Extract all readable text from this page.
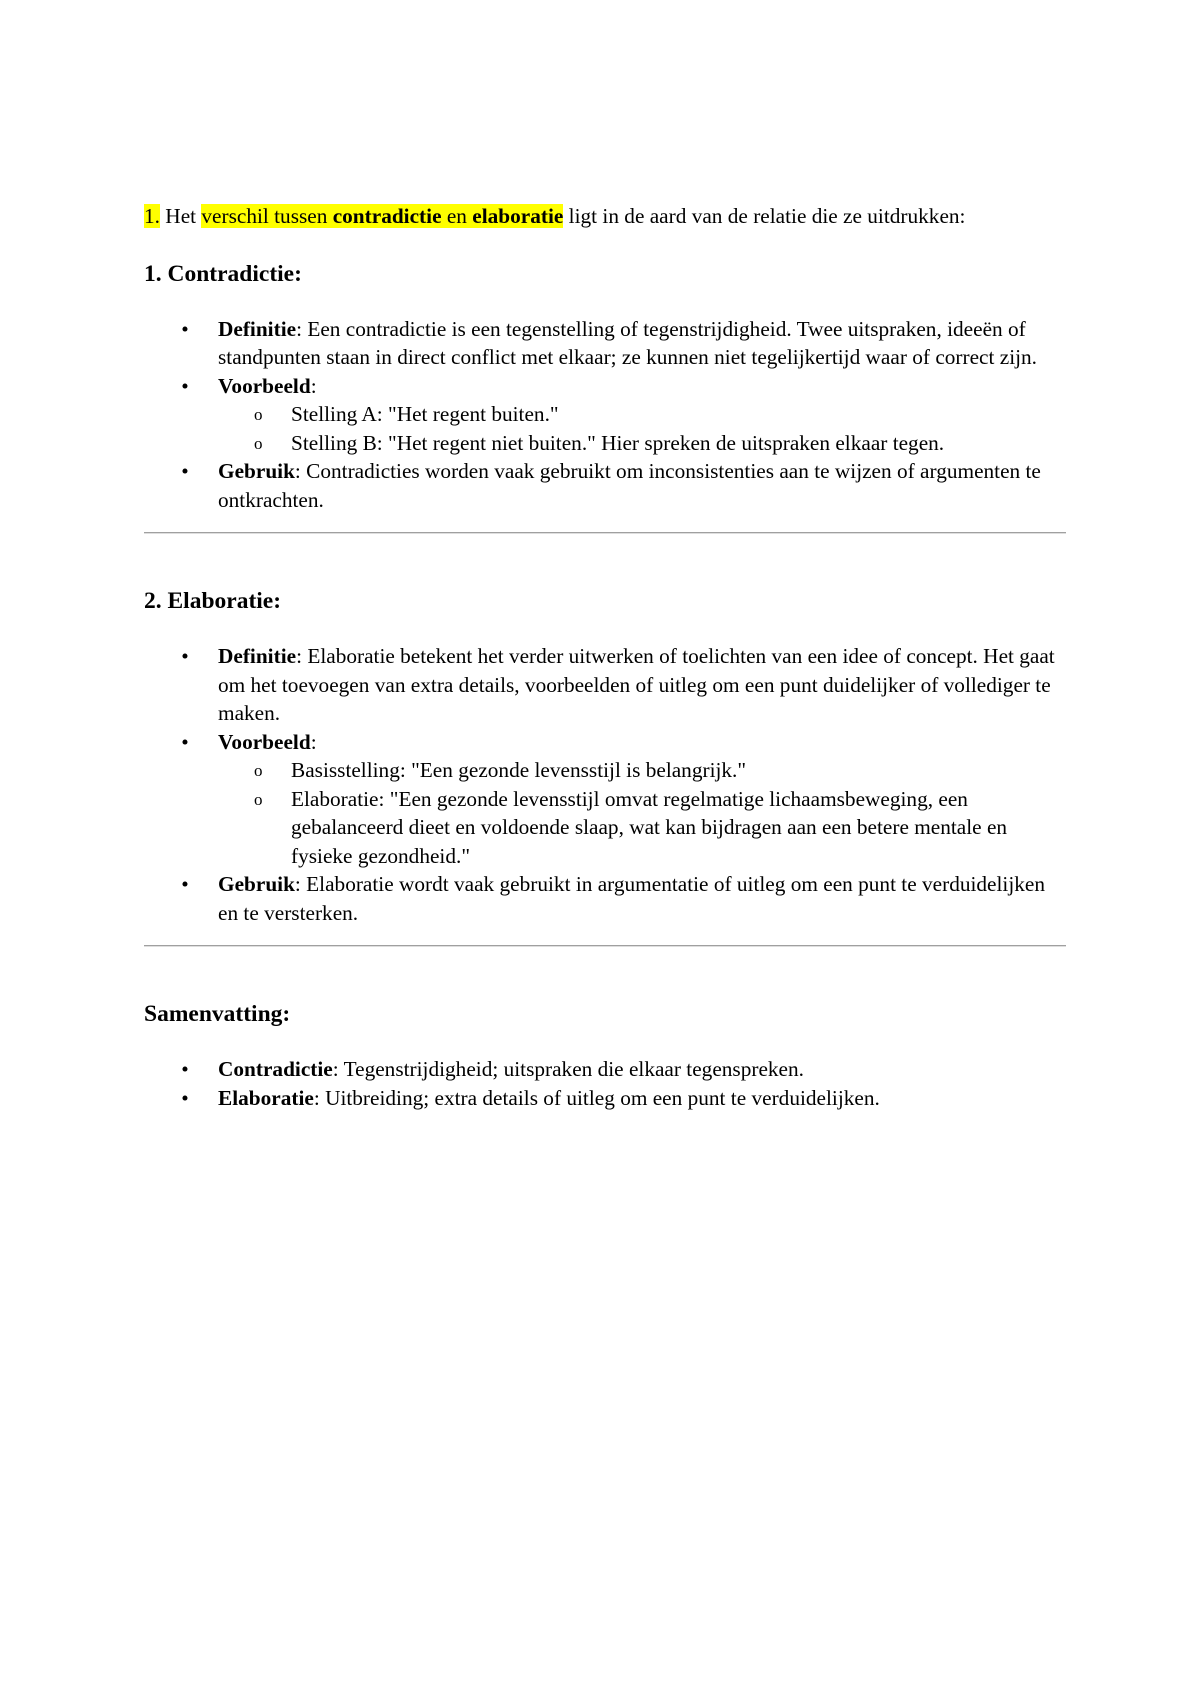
1. Het verschil tussen contradictie en elaboratie ligt in de aard van de relatie die ze uitdrukken:

1. Contradictie:
• Definitie: Een contradictie is een tegenstelling of tegenstrijdigheid. Twee uitspraken, ideeën of standpunten staan in direct conflict met elkaar; ze kunnen niet tegelijkertijd waar of correct zijn.
• Voorbeeld:
o Stelling A: "Het regent buiten."
o Stelling B: "Het regent niet buiten." Hier spreken de uitspraken elkaar tegen.
• Gebruik: Contradicties worden vaak gebruikt om inconsistenties aan te wijzen of argumenten te ontkrachten.
2. Elaboratie:
• Definitie: Elaboratie betekent het verder uitwerken of toelichten van een idee of concept. Het gaat om het toevoegen van extra details, voorbeelden of uitleg om een punt duidelijker of vollediger te maken.
• Voorbeeld:
o Basisstelling: "Een gezonde levensstijl is belangrijk."
o Elaboratie: "Een gezonde levensstijl omvat regelmatige lichaamsbeweging, een gebalanceerd dieet en voldoende slaap, wat kan bijdragen aan een betere mentale en fysieke gezondheid."
• Gebruik: Elaboratie wordt vaak gebruikt in argumentatie of uitleg om een punt te verduidelijken en te versterken.
Samenvatting:
• Contradictie: Tegenstrijdigheid; uitspraken die elkaar tegenspreken.
• Elaboratie: Uitbreiding; extra details of uitleg om een punt te verduidelijken.
